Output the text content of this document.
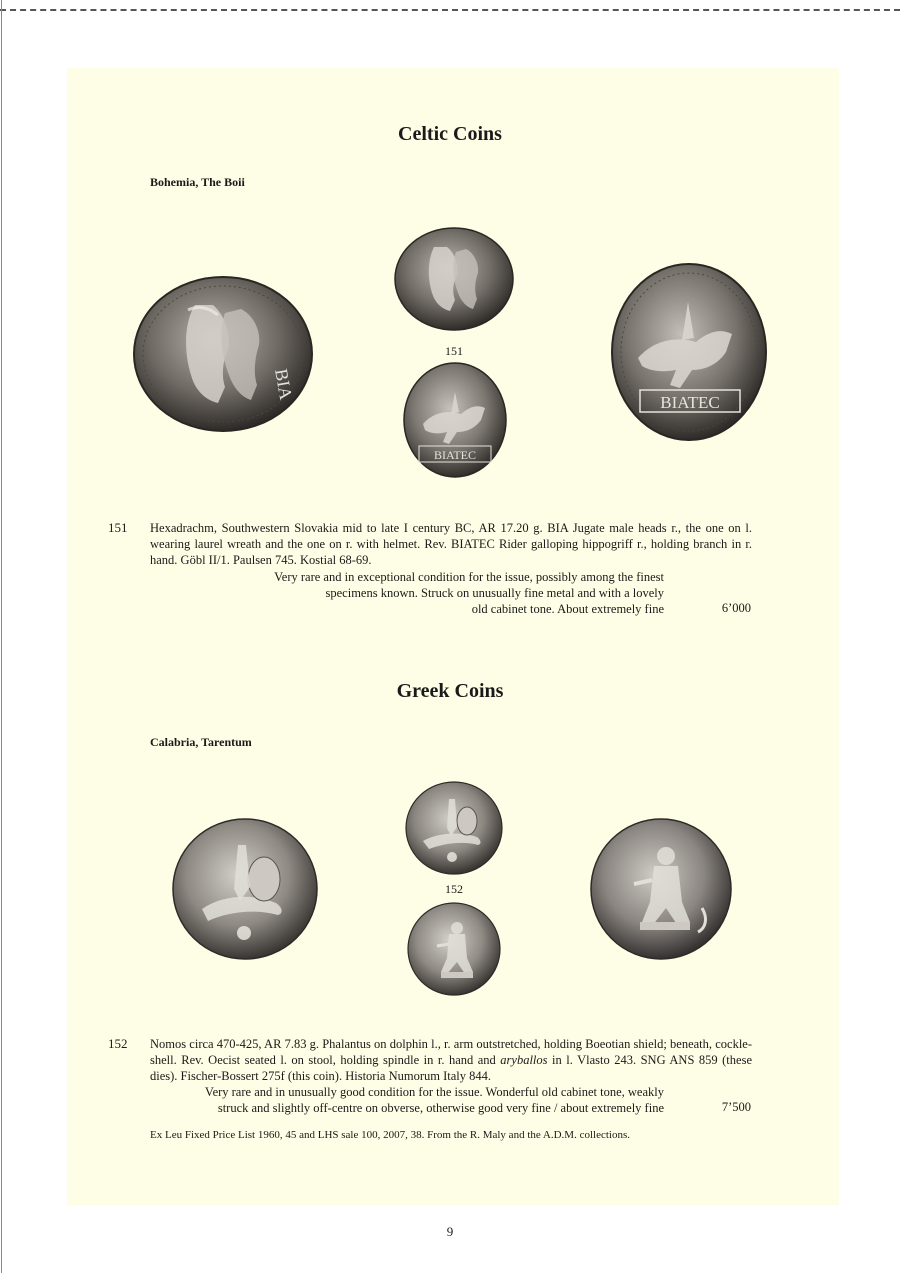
Celtic Coins
Bohemia, The Boii
BIA
151
BIATEC
BIATEC
151 Hexadrachm, Southwestern Slovakia mid to late I century BC, AR 17.20 g. BIA Jugate male heads r., the one on l. wearing laurel wreath and the one on r. with helmet. Rev. BIATEC Rider galloping hippogriff r., holding branch in r. hand. Göbl II/1. Paulsen 745. Kostial 68-69.
Very rare and in exceptional condition for the issue, possibly among the finest
specimens known. Struck on unusually fine metal and with a lovely
old cabinet tone. About extremely fine	6’000
Greek Coins
Calabria, Tarentum
152
152 Nomos circa 470-425, AR 7.83 g. Phalantus on dolphin l., r. arm outstretched, holding Boeotian shield; beneath, cockle-shell. Rev. Oecist seated l. on stool, holding spindle in r. hand and aryballos in l. Vlasto 243. SNG ANS 859 (these dies). Fischer-Bossert 275f (this coin). Historia Numorum Italy 844.
Very rare and in unusually good condition for the issue. Wonderful old cabinet tone, weakly
struck and slightly off-centre on obverse, otherwise good very fine / about extremely fine	7’500
Ex Leu Fixed Price List 1960, 45 and LHS sale 100, 2007, 38. From the R. Maly and the A.D.M. collections.
9
